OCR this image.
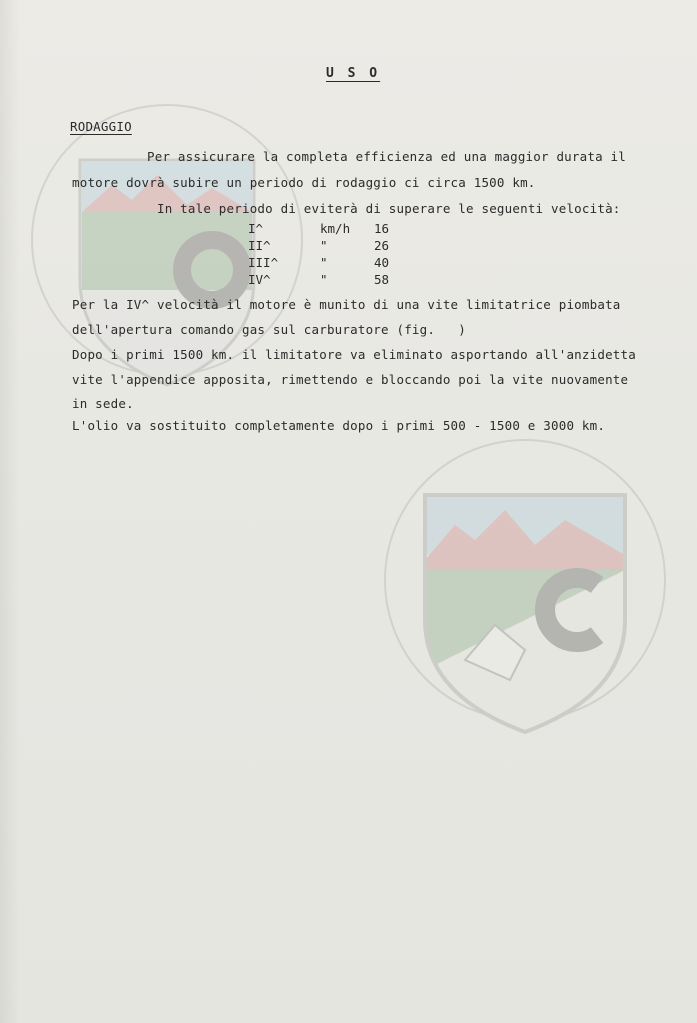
U S O
RODAGGIO
Per assicurare la completa efficienza ed una maggior durata il
motore dovrà subire un periodo di rodaggio ci circa 1500 km.
In tale periodo di eviterà di superare le seguenti velocità:
I^	km/h 16
II^	"	26
III^	"	40
IV^	"	58
Per la IV^ velocità il motore è munito di una vite limitatrice piombata
dell'apertura comando gas sul carburatore (fig.   )
Dopo i primi 1500 km. il limitatore va eliminato asportando all'anzidetta
vite l'appendice apposita, rimettendo e bloccando poi la vite nuovamente
in sede.
L'olio va sostituito completamente dopo i primi 500 - 1500 e 3000 km.
